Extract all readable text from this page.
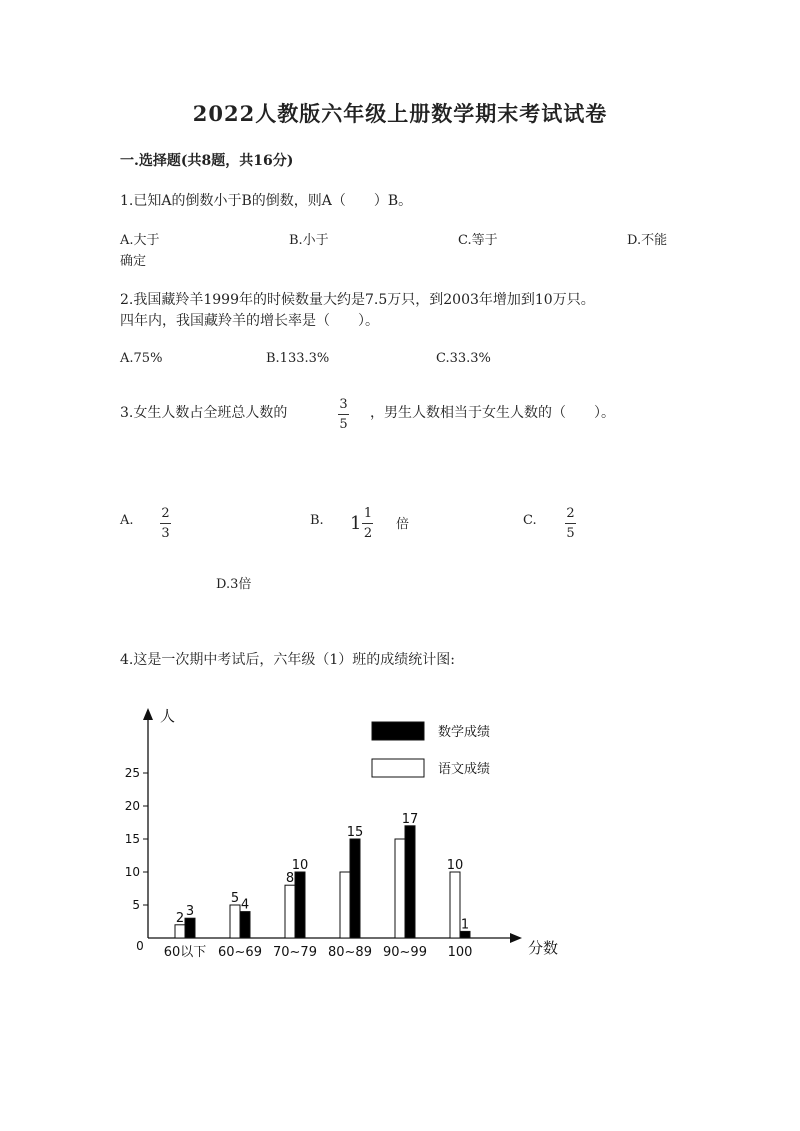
2022人教版六年级上册数学期末考试试卷
一.选择题(共8题，共16分)
1.已知A的倒数小于B的倒数，则A（　　）B。
A.大于	B.小于	C.等于	D.不能
确定
2.我国藏羚羊1999年的时候数量大约是7.5万只，到2003年增加到10万只。
四年内，我国藏羚羊的增长率是（　　）。
A.75%	B.133.3%	C.33.3%
3.女生人数占全班总人数的
3
5
，男生人数相当于女生人数的（　　）。
A. 2
3
B. 1 1
2
倍	C. 2
5
D.3倍
4.这是一次期中考试后，六年级（1）班的成绩统计图:
人
分数
0
5
10
15
20
25
2 3
60以下
5 4
60~69
8
10
70~79
15
80~89
17
90~99
10
1
100
数学成绩
语文成绩
